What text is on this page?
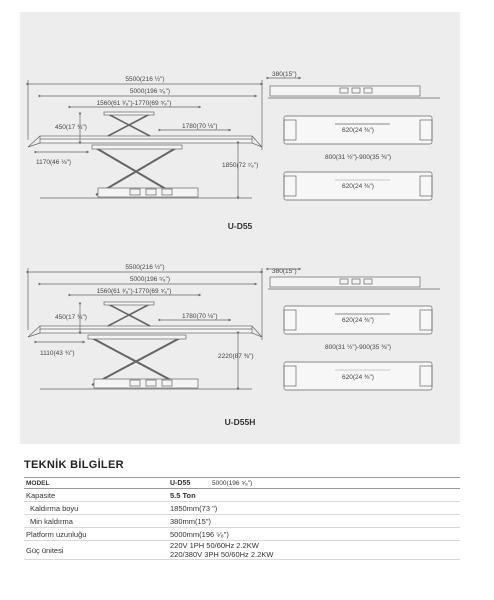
5500(216 ½")
5000(196 ⁵⁄₈")
1560(61 ³⁄₈")-1770(69 ⁵⁄₈")
450(17 ¾")	1780(70 ⅛")
1170(46 ⅛")	1850(72 ⁷⁄₈")
380(15")
620(24 ⅜")
800(31 ½")-900(35 ⅜")
620(24 ⅜")
U-D55
5500(216 ½")
5000(196 ⁵⁄₈")
1560(61 ³⁄₈")-1770(69 ⁵⁄₈")
450(17 ¾")	1780(70 ⅛")
1110(43 ¾")	2220(87 ⅜")
380(15")
620(24 ⅜")
800(31 ½")-900(35 ⅜")
620(24 ⅜")
U-D55H
TEKNİK BİLGİLER
MODEL	U-D55 5000(196 ⁵⁄₈")
Kapasite	5.5 Ton

Kaldırma boyu	1850mm(73 ")

Min kaldırma	380mm(15")

Platform uzunluğu	5000mm(196 ⁵⁄₈")

Güç ünitesi	220V 1PH 50/60Hz 2.2KW
220/380V 3PH 50/60Hz 2.2KW
